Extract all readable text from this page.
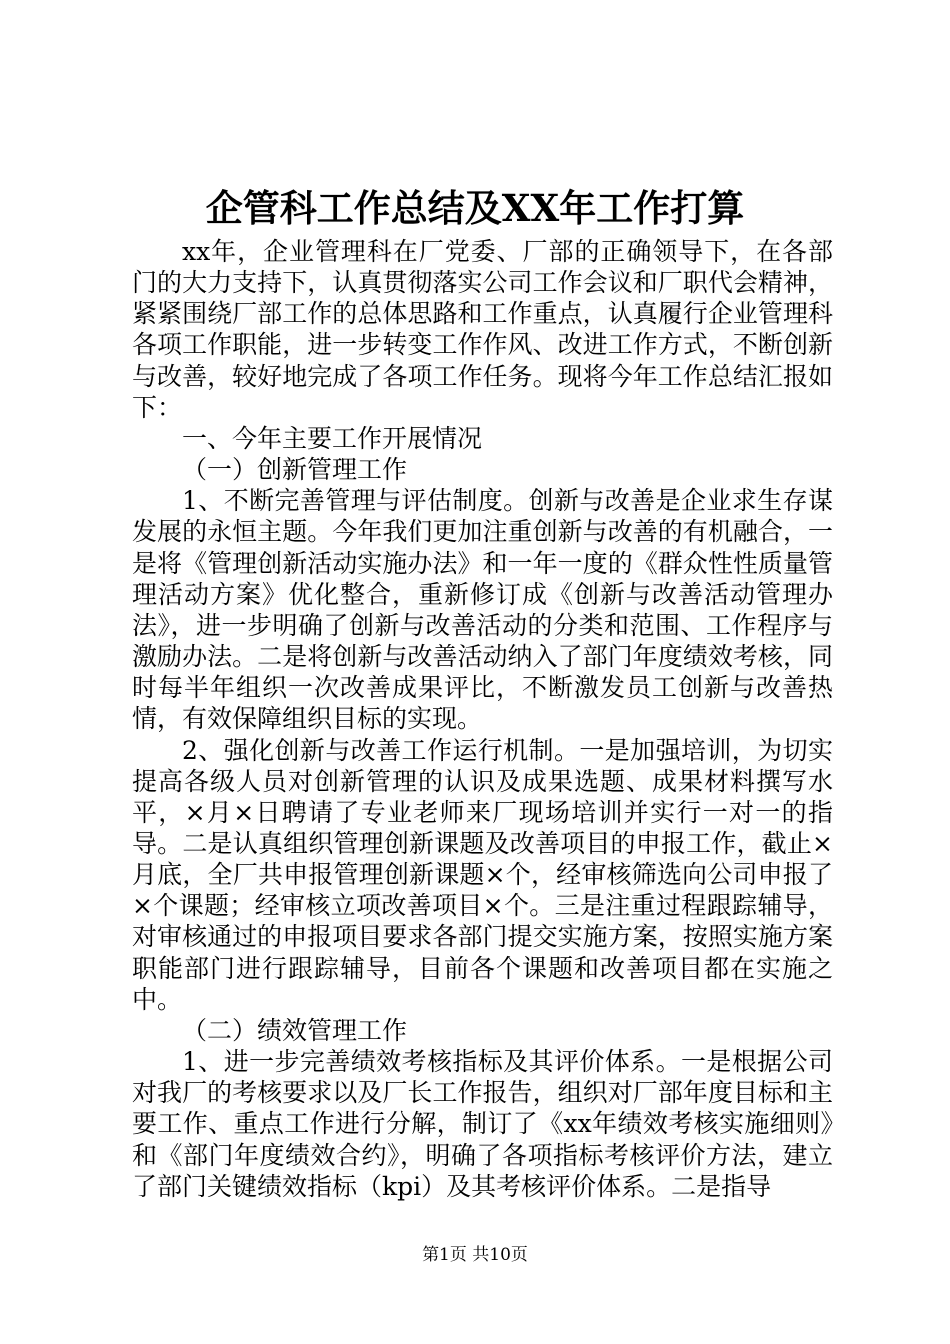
企管科工作总结及XX年工作打算

xx年，企业管理科在厂党委、厂部的正确领导下，在各部门的大力支持下，认真贯彻落实公司工作会议和厂职代会精神，紧紧围绕厂部工作的总体思路和工作重点，认真履行企业管理科各项工作职能，进一步转变工作作风、改进工作方式，不断创新与改善，较好地完成了各项工作任务。现将今年工作总结汇报如下：

一、今年主要工作开展情况

（一）创新管理工作

1、不断完善管理与评估制度。创新与改善是企业求生存谋发展的永恒主题。今年我们更加注重创新与改善的有机融合，一是将《管理创新活动实施办法》和一年一度的《群众性性质量管理活动方案》优化整合，重新修订成《创新与改善活动管理办法》，进一步明确了创新与改善活动的分类和范围、工作程序与激励办法。二是将创新与改善活动纳入了部门年度绩效考核，同时每半年组织一次改善成果评比，不断激发员工创新与改善热情，有效保障组织目标的实现。

2、强化创新与改善工作运行机制。一是加强培训，为切实提高各级人员对创新管理的认识及成果选题、成果材料撰写水平，×月×日聘请了专业老师来厂现场培训并实行一对一的指导。二是认真组织管理创新课题及改善项目的申报工作，截止×月底，全厂共申报管理创新课题×个，经审核筛选向公司申报了×个课题；经审核立项改善项目×个。三是注重过程跟踪辅导，对审核通过的申报项目要求各部门提交实施方案，按照实施方案职能部门进行跟踪辅导，目前各个课题和改善项目都在实施之中。

（二）绩效管理工作

1、进一步完善绩效考核指标及其评价体系。一是根据公司对我厂的考核要求以及厂长工作报告，组织对厂部年度目标和主要工作、重点工作进行分解，制订了《xx年绩效考核实施细则》和《部门年度绩效合约》，明确了各项指标考核评价方法，建立了部门关键绩效指标（kpi）及其考核评价体系。二是指导

第1页 共10页
